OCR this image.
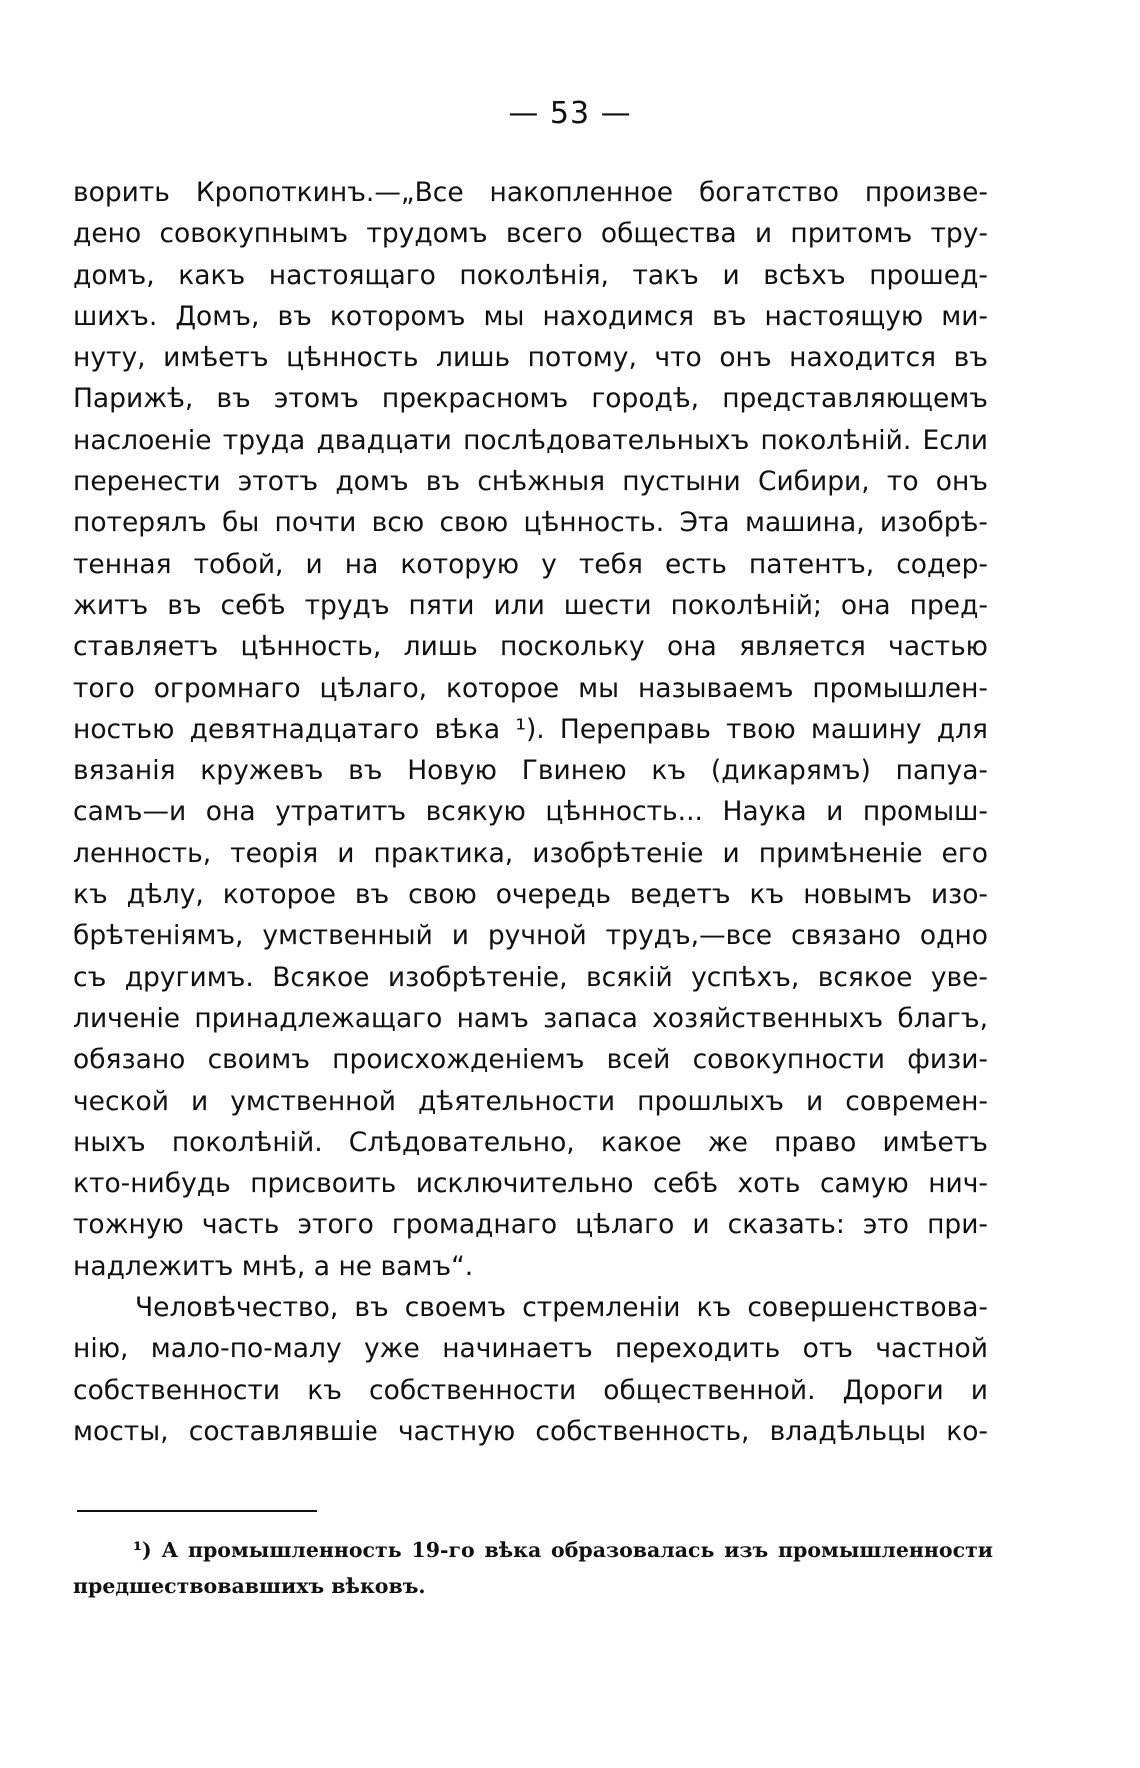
— 53 —
ворить Кропоткинъ.—„Все накопленное богатство произве-
дено совокупнымъ трудомъ всего общества и притомъ тру-
домъ, какъ настоящаго поколѣнія, такъ и всѣхъ прошед-
шихъ. Домъ, въ которомъ мы находимся въ настоящую ми-
нуту, имѣетъ цѣнность лишь потому, что онъ находится въ
Парижѣ, въ этомъ прекрасномъ городѣ, представляющемъ
наслоеніе труда двадцати послѣдовательныхъ поколѣній. Если
перенести этотъ домъ въ снѣжныя пустыни Сибири, то онъ
потерялъ бы почти всю свою цѣнность. Эта машина, изобрѣ-
тенная тобой, и на которую у тебя есть патентъ, содер-
житъ въ себѣ трудъ пяти или шести поколѣній; она пред-
ставляетъ цѣнность, лишь поскольку она является частью
того огромнаго цѣлаго, которое мы называемъ промышлен-
ностью девятнадцатаго вѣка ¹). Переправь твою машину для
вязанія кружевъ въ Новую Гвинею къ (дикарямъ) папуа-
самъ—и она утратитъ всякую цѣнность... Наука и промыш-
ленность, теорія и практика, изобрѣтеніе и примѣненіе его
къ дѣлу, которое въ свою очередь ведетъ къ новымъ изо-
брѣтеніямъ, умственный и ручной трудъ,—все связано одно
съ другимъ. Всякое изобрѣтеніе, всякій успѣхъ, всякое уве-
личеніе принадлежащаго намъ запаса хозяйственныхъ благъ,
обязано своимъ происхожденіемъ всей совокупности физи-
ческой и умственной дѣятельности прошлыхъ и современ-
ныхъ поколѣній. Слѣдовательно, какое же право имѣетъ
кто-нибудь присвоить исключительно себѣ хоть самую нич-
тожную часть этого громаднаго цѣлаго и сказать: это при-
надлежитъ мнѣ, а не вамъ“.
Человѣчество, въ своемъ стремленіи къ совершенствова-
нію, мало-по-малу уже начинаетъ переходить отъ частной
собственности къ собственности общественной. Дороги и
мосты, составлявшіе частную собственность, владѣльцы ко-
¹) А промышленность 19-го вѣка образовалась изъ промышленности
предшествовавшихъ вѣковъ.
